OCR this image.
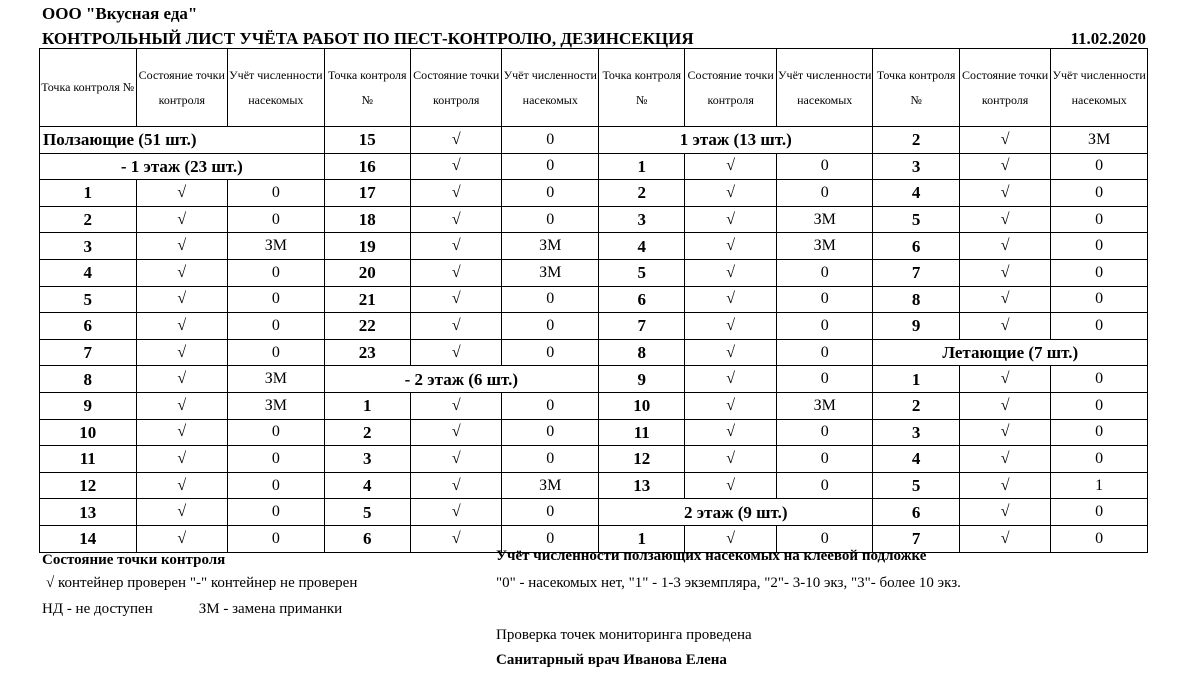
ООО "Вкусная еда"
КОНТРОЛЬНЫЙ ЛИСТ УЧЁТА РАБОТ ПО ПЕСТ-КОНТРОЛЮ, ДЕЗИНСЕКЦИЯ	11.02.2020
Точка контроля №	Состояние точки контроля	Учёт численности насекомых	Точка контроля №	Состояние точки контроля	Учёт численности насекомых	Точка контроля №	Состояние точки контроля	Учёт численности насекомых	Точка контроля №	Состояние точки контроля	Учёт численности насекомых
Ползающие (51 шт.)			15	√	0	1 этаж (13 шт.)			2	√	ЗМ
- 1 этаж (23 шт.)			16	√	0	1	√	0	3	√	0
1	√	0	17	√	0	2	√	0	4	√	0
2	√	0	18	√	0	3	√	ЗМ	5	√	0
3	√	ЗМ	19	√	ЗМ	4	√	ЗМ	6	√	0
4	√	0	20	√	ЗМ	5	√	0	7	√	0
5	√	0	21	√	0	6	√	0	8	√	0
6	√	0	22	√	0	7	√	0	9	√	0
7	√	0	23	√	0	8	√	0	Летающие (7 шт.)		
8	√	ЗМ	- 2 этаж (6 шт.)			9	√	0	1	√	0
9	√	ЗМ	1	√	0	10	√	ЗМ	2	√	0
10	√	0	2	√	0	11	√	0	3	√	0
11	√	0	3	√	0	12	√	0	4	√	0
12	√	0	4	√	ЗМ	13	√	0	5	√	1
13	√	0	5	√	0	2 этаж (9 шт.)			6	√	0
14	√	0	6	√	0	1	√	0	7	√	0
Состояние точки контроля
√ контейнер проверен "-" контейнер не проверен
НД - не доступен	ЗМ - замена приманки
Учёт численности ползающих насекомых на клеевой подложке
"0" - насекомых нет, "1" - 1-3 экземпляра, "2"- 3-10 экз, "3"- более 10 экз.
Проверка точек мониторинга проведена
Санитарный врач Иванова Елена
